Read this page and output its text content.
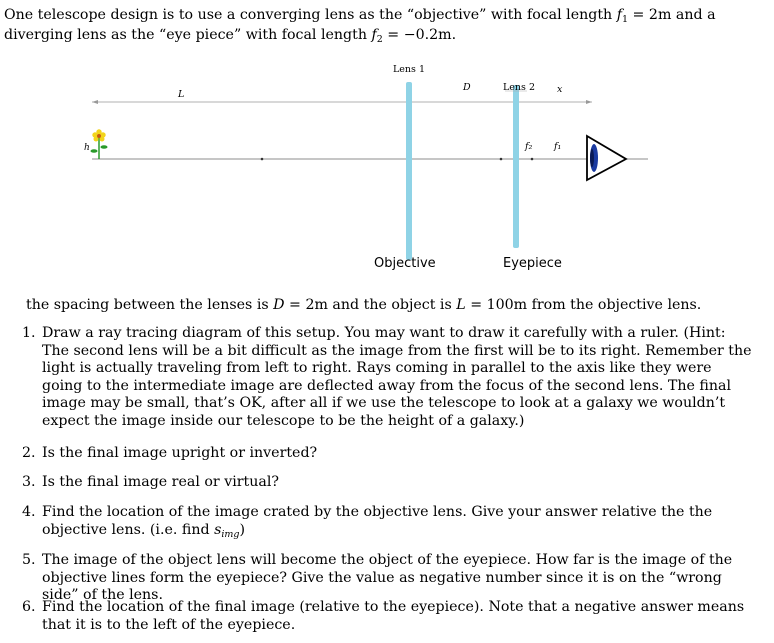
One telescope design is to use a converging lens as the “objective” with focal length $f_1 = 2m$ and a diverging lens as the “eye piece” with focal length $f_2 = -0.2m$.

Lens 1
Lens 2
L
D	x
h	f₂ f₁
Objective	Eyepiece

the spacing between the lenses is D = 2m and the object is L = 100m from the objective lens.

1. Draw a ray tracing diagram of this setup. You may want to draw it carefully with a ruler. (Hint: The second lens will be a bit difficult as the image from the first will be to its right. Remember the light is actually traveling from left to right. Rays coming in parallel to the axis like they were going to the intermediate image are deflected away from the focus of the second lens. The final image may be small, that’s OK, after all if we use the telescope to look at a galaxy we wouldn’t expect the image inside our telescope to be the height of a galaxy.)
2. Is the final image upright or inverted?
3. Is the final image real or virtual?
4. Find the location of the image crated by the objective lens. Give your answer relative the the objective lens. (i.e. find $s_{img}$)
5. The image of the object lens will become the object of the eyepiece. How far is the image of the objective lines form the eyepiece? Give the value as negative number since it is on the “wrong side” of the lens.
6. Find the location of the final image (relative to the eyepiece). Note that a negative answer means that it is to the left of the eyepiece.
